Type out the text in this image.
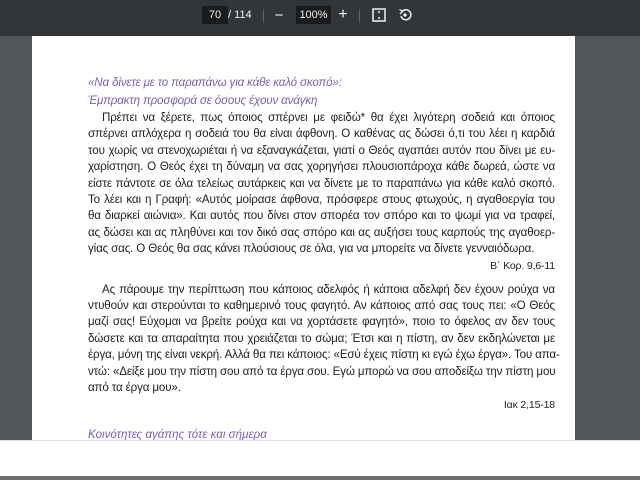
70 / 114 − 100% +
«Να δίνετε με το παραπάνω για κάθε καλό σκοπό»:
Έμπρακτη προσφορά σε όσους έχουν ανάγκη
Πρέπει να ξέρετε, πως όποιος σπέρνει με φειδώ* θα έχει λιγότερη σοδειά και όποιος
σπέρνει απλόχερα η σοδειά του θα είναι άφθονη. Ο καθένας ας δώσει ό,τι του λέει η καρδιά
του χωρίς να στενοχωριέται ή να εξαναγκάζεται, γιατί ο Θεός αγαπάει αυτόν που δίνει με ευ-
χαρίστηση. Ο Θεός έχει τη δύναμη να σας χορηγήσει πλουσιοπάροχα κάθε δωρεά, ώστε να
είστε πάντοτε σε όλα τελείως αυτάρκεις και να δίνετε με το παραπάνω για κάθε καλό σκοπό.
Το λέει και η Γραφή: «Αυτός μοίρασε άφθονα, πρόσφερε στους φτωχούς, η αγαθοεργία του
θα διαρκεί αιώνια». Και αυτός που δίνει στον σπορέα τον σπόρο και το ψωμί για να τραφεί,
ας δώσει και ας πληθύνει και τον δικό σας σπόρο και ας αυξήσει τους καρπούς της αγαθοερ-
γίας σας. Ο Θεός θα σας κάνει πλούσιους σε όλα, για να μπορείτε να δίνετε γενναιόδωρα.
Β΄ Κορ. 9,6-11
Ας πάρουμε την περίπτωση που κάποιος αδελφός ή κάποια αδελφή δεν έχουν ρούχα να
ντυθούν και στερούνται το καθημερινό τους φαγητό. Αν κάποιος από σας τους πει: «Ο Θεός
μαζί σας! Εύχομαι να βρείτε ρούχα και να χορτάσετε φαγητό», ποιο το όφελος αν δεν τους
δώσετε και τα απαραίτητα που χρειάζεται το σώμα; Έτσι και η πίστη, αν δεν εκδηλώνεται με
έργα, μόνη της είναι νεκρή. Αλλά θα πει κάποιος: «Εσύ έχεις πίστη κι εγώ έχω έργα». Του απα-
ντώ: «Δείξε μου την πίστη σου από τα έργα σου. Εγώ μπορώ να σου αποδείξω την πίστη μου
από τα έργα μου».
Ιακ 2,15-18
Κοινότητες αγάπης τότε και σήμερα
